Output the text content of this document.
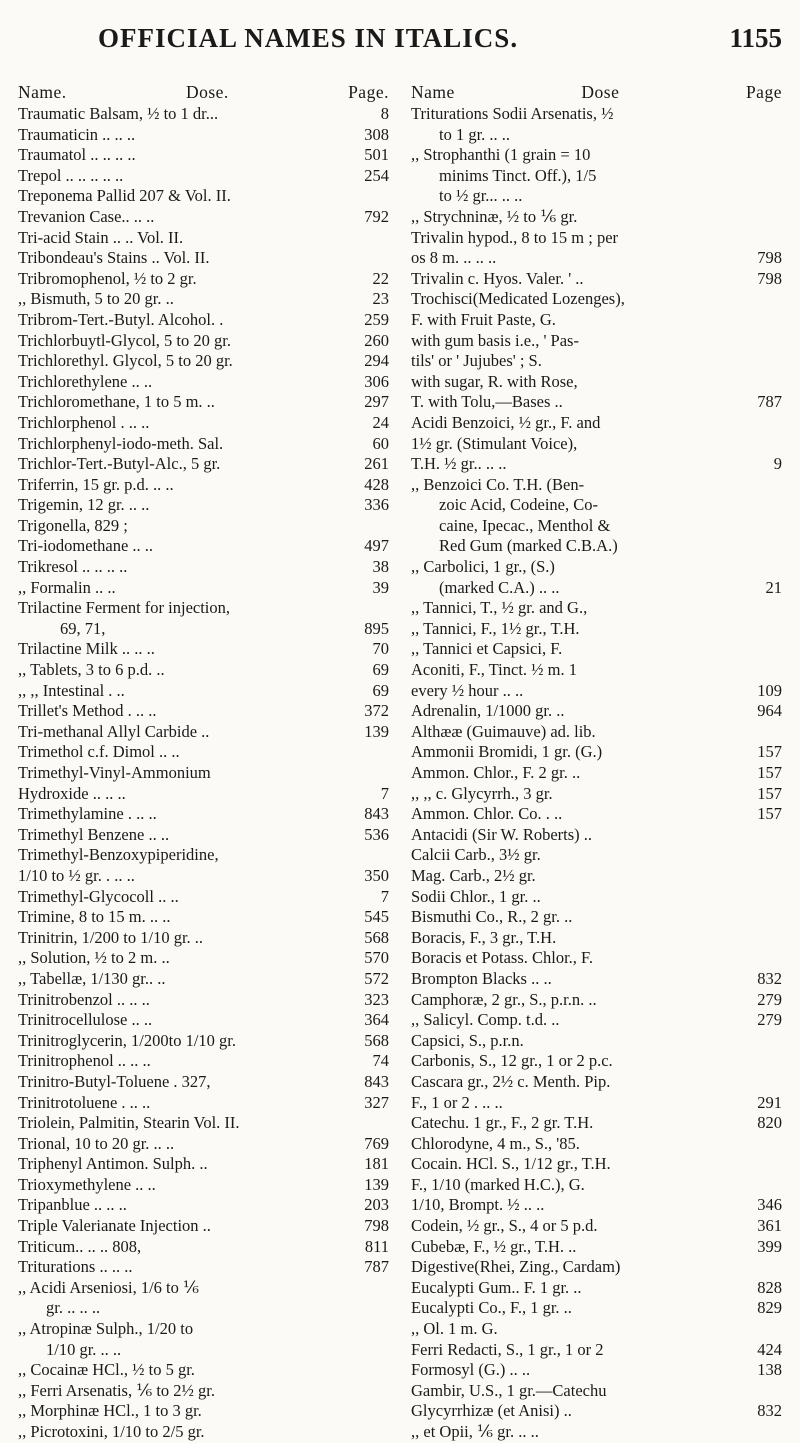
OFFICIAL NAMES IN ITALICS.	1155
Name.	Dose.	Page.
Traumatic Balsam, ½ to 1 dr...	8
Traumaticin .. .. ..	308
Traumatol .. .. .. ..	501
Trepol .. .. .. .. ..	254
Treponema Pallid 207 & Vol. II.
Trevanion Case.. .. ..	792
Tri-acid Stain .. .. Vol. II.
Tribondeau's Stains .. Vol. II.
Tribromophenol, ½ to 2 gr.	22
,, Bismuth, 5 to 20 gr. ..	23
Tribrom-Tert.-Butyl. Alcohol. .	259
Trichlorbuytl-Glycol, 5 to 20 gr.	260
Trichlorethyl. Glycol, 5 to 20 gr.	294
Trichlorethylene .. ..	306
Trichloromethane, 1 to 5 m. ..	297
Trichlorphenol . .. ..	24
Trichlorphenyl-iodo-meth. Sal.	60
Trichlor-Tert.-Butyl-Alc., 5 gr.	261
Triferrin, 15 gr. p.d. .. ..	428
Trigemin, 12 gr. .. ..	336
Trigonella, 829 ;
Tri-iodomethane .. ..	497
Trikresol .. .. .. ..	38
,, Formalin .. ..	39
Trilactine Ferment for injection,
69, 71,	895
Trilactine Milk .. .. ..	70
,, Tablets, 3 to 6 p.d. ..	69
,, ,, Intestinal . ..	69
Trillet's Method . .. ..	372
Tri-methanal Allyl Carbide ..	139
Trimethol c.f. Dimol .. ..
Trimethyl-Vinyl-Ammonium
Hydroxide .. .. ..	7
Trimethylamine . .. ..	843
Trimethyl Benzene .. ..	536
Trimethyl-Benzoxypiperidine,
1/10 to ½ gr. . .. ..	350
Trimethyl-Glycocoll .. ..	7
Trimine, 8 to 15 m. .. ..	545
Trinitrin, 1/200 to 1/10 gr. ..	568
,, Solution, ½ to 2 m. ..	570
,, Tabellæ, 1/130 gr.. ..	572
Trinitrobenzol .. .. ..	323
Trinitrocellulose .. ..	364
Trinitroglycerin, 1/200to 1/10 gr.	568
Trinitrophenol .. .. ..	74
Trinitro-Butyl-Toluene . 327,	843
Trinitrotoluene . .. ..	327
Triolein, Palmitin, Stearin Vol. II.
Trional, 10 to 20 gr. .. ..	769
Triphenyl Antimon. Sulph. ..	181
Trioxymethylene .. ..	139
Tripanblue .. .. ..	203
Triple Valerianate Injection ..	798
Triticum.. .. .. 808,	811
Triturations .. .. ..	787
,, Acidi Arseniosi, 1/6 to ⅙
gr. .. .. ..
,, Atropinæ Sulph., 1/20 to
1/10 gr. .. ..
,, Cocainæ HCl., ½ to 5 gr.
,, Ferri Arsenatis, ⅙ to 2½ gr.
,, Morphinæ HCl., 1 to 3 gr.
,, Picrotoxini, 1/10 to 2/5 gr.
Name	Dose	Page
Triturations Sodii Arsenatis, ½
to 1 gr. .. ..
,, Strophanthi (1 grain = 10
minims Tinct. Off.), 1/5
to ½ gr... .. ..
,, Strychninæ, ½ to ⅙ gr.
Trivalin hypod., 8 to 15 m ; per
os 8 m. .. .. ..	798
Trivalin c. Hyos. Valer. ' ..	798
Trochisci(Medicated Lozenges),
F. with Fruit Paste, G.
with gum basis i.e., ' Pas-
tils' or ' Jujubes' ; S.
with sugar, R. with Rose,
T. with Tolu,—Bases ..	787
Acidi Benzoici, ½ gr., F. and
1½ gr. (Stimulant Voice),
T.H. ½ gr.. .. ..	9
,, Benzoici Co. T.H. (Ben-
zoic Acid, Codeine, Co-
caine, Ipecac., Menthol &
Red Gum (marked C.B.A.)
,, Carbolici, 1 gr., (S.)
(marked C.A.) .. ..	21
,, Tannici, T., ½ gr. and G.,
,, Tannici, F., 1½ gr., T.H.
,, Tannici et Capsici, F.
Aconiti, F., Tinct. ½ m. 1
every ½ hour .. ..	109
Adrenalin, 1/1000 gr. ..	964
Althææ (Guimauve) ad. lib.
Ammonii Bromidi, 1 gr. (G.)	157
Ammon. Chlor., F. 2 gr. ..	157
,, ,, c. Glycyrrh., 3 gr.	157
Ammon. Chlor. Co. . ..	157
Antacidi (Sir W. Roberts) ..
Calcii Carb., 3½ gr.
Mag. Carb., 2½ gr.
Sodii Chlor., 1 gr. ..
Bismuthi Co., R., 2 gr. ..
Boracis, F., 3 gr., T.H.
Boracis et Potass. Chlor., F.
Brompton Blacks .. ..	832
Camphoræ, 2 gr., S., p.r.n. ..	279
,, Salicyl. Comp. t.d. ..	279
Capsici, S., p.r.n.
Carbonis, S., 12 gr., 1 or 2 p.c.
Cascara gr., 2½ c. Menth. Pip.
F., 1 or 2 . .. ..	291
Catechu. 1 gr., F., 2 gr. T.H.	820
Chlorodyne, 4 m., S., '85.
Cocain. HCl. S., 1/12 gr., T.H.
F., 1/10 (marked H.C.), G.
1/10, Brompt. ½ .. ..	346
Codein, ½ gr., S., 4 or 5 p.d.	361
Cubebæ, F., ½ gr., T.H. ..	399
Digestive(Rhei, Zing., Cardam)
Eucalypti Gum.. F. 1 gr. ..	828
Eucalypti Co., F., 1 gr. ..	829
,, Ol. 1 m. G.
Ferri Redacti, S., 1 gr., 1 or 2	424
Formosyl (G.) .. ..	138
Gambir, U.S., 1 gr.—Catechu
Glycyrrhizæ (et Anisi) ..	832
,, et Opii, ⅙ gr. .. ..
